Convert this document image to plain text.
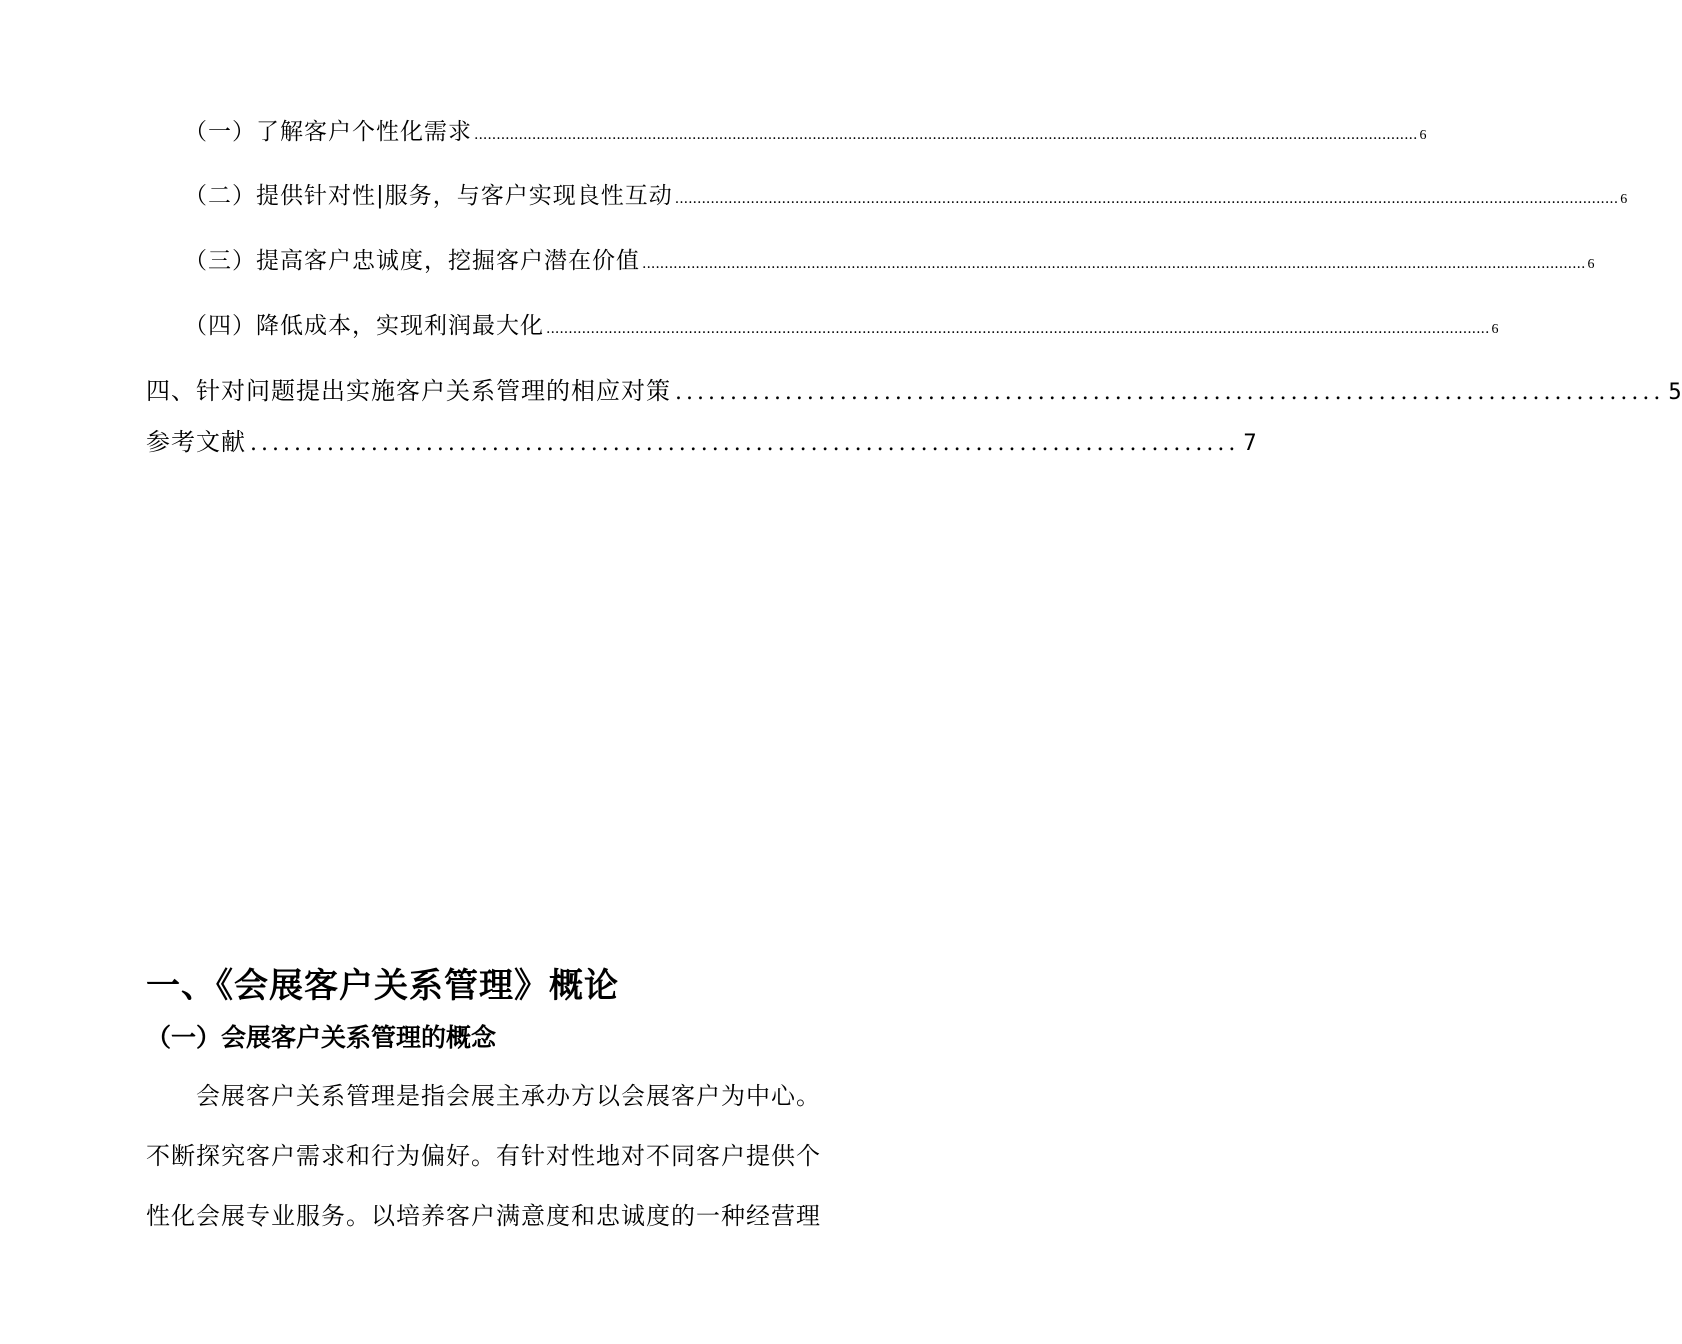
（一）了解客户个性化需求 .................................................................................................................................................................................................................... 6
（二）提供针对性|服务，与客户实现良性互动 .................................................................................................................................................................................................................... 6
（三）提高客户忠诚度，挖掘客户潜在价值 .................................................................................................................................................................................................................... 6
（四）降低成本，实现利润最大化 .................................................................................................................................................................................................................... 6
四、针对问题提出实施客户关系管理的相应对策 .......................................................................................... 5
参考文献 .......................................................................................... 7
一、《会展客户关系管理》概论
（一）会展客户关系管理的概念
会展客户关系管理是指会展主承办方以会展客户为中心。
不断探究客户需求和行为偏好。有针对性地对不同客户提供个
性化会展专业服务。以培养客户满意度和忠诚度的一种经营理
